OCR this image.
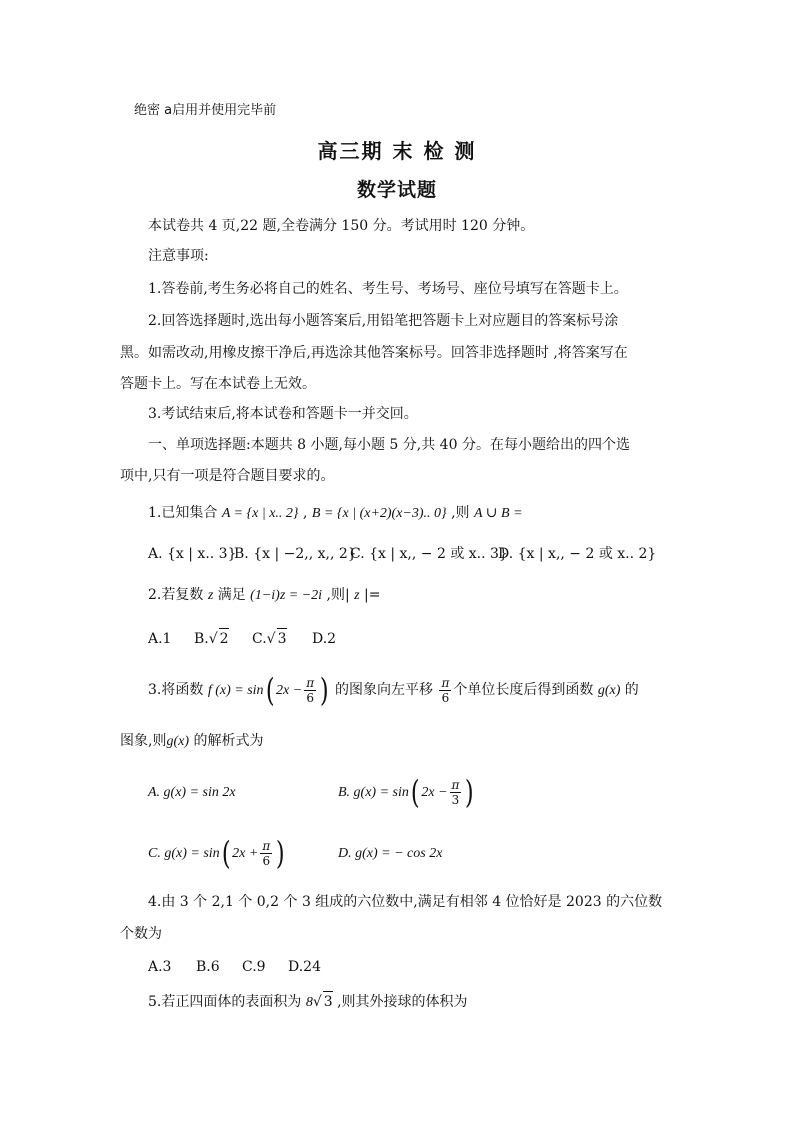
绝密 a启用并使用完毕前
高三期 末 检 测
数学试题
本试卷共 4 页,22 题,全卷满分 150 分。考试用时 120 分钟。
注意事项:
1.答卷前,考生务必将自己的姓名、考生号、考场号、座位号填写在答题卡上。
2.回答选择题时,选出每小题答案后,用铅笔把答题卡上对应题目的答案标号涂
黑。如需改动,用橡皮擦干净后,再选涂其他答案标号。回答非选择题时 ,将答案写在
答题卡上。写在本试卷上无效。
3.考试结束后,将本试卷和答题卡一并交回。
一、单项选择题:本题共 8 小题,每小题 5 分,共 40 分。在每小题给出的四个选
项中,只有一项是符合题目要求的。
1.已知集合 A = {x | x.. 2} , B = {x | (x+2)(x−3).. 0} ,则 A ∪ B =
A. {x | x.. 3}B. {x | −2,, x,, 2}C. {x | x,, − 2 或 x.. 3}D. {x | x,, − 2 或 x.. 2}
2.若复数 z 满足 (1−i)z = −2i ,则| z |=
A.1 B.√ 2 C.√ 3 D.2
3.将函数 f (x) = sin( $2x - \frac{\pi}{6}$ ) 的图象向左平移 $\frac{\pi}{6}$ 个单位长度后得到函数 g(x) 的
图象,则g(x) 的解析式为
A. g(x) = sin 2x	B. g(x) = sin( $2x - \frac{\pi}{3}$ )
C. g(x) = sin( $2x + \frac{\pi}{6}$ )	D. g(x) = − cos 2x
4.由 3 个 2,1 个 0,2 个 3 组成的六位数中,满足有相邻 4 位恰好是 2023 的六位数
个数为
A.3 B.6 C.9 D.24
5.若正四面体的表面积为 8√ 3 ,则其外接球的体积为
